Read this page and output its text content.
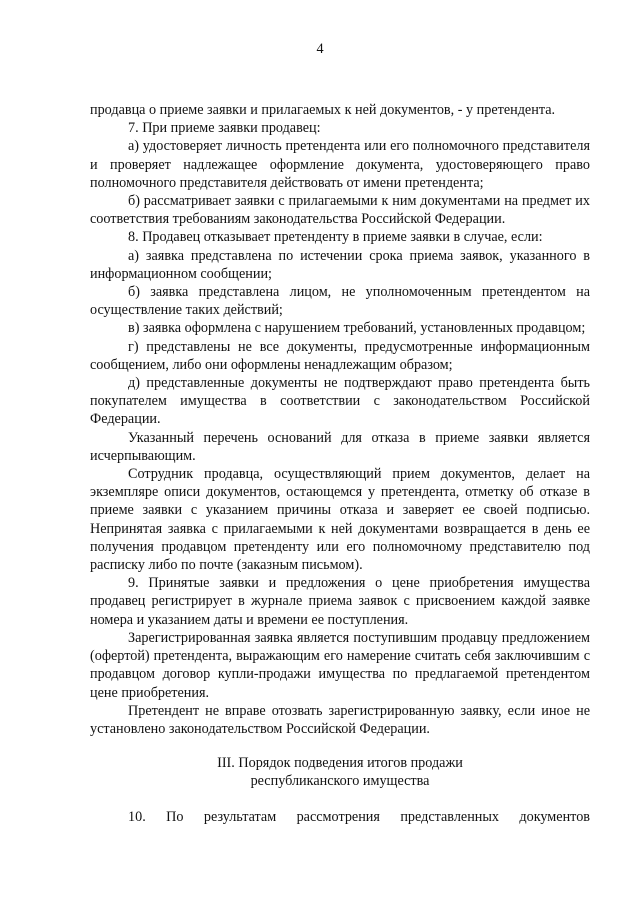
4

продавца о приеме заявки и прилагаемых к ней документов, - у претендента.

7. При приеме заявки продавец:

а) удостоверяет личность претендента или его полномочного представителя и проверяет надлежащее оформление документа, удостоверяющего право полномочного представителя действовать от имени претендента;

б) рассматривает заявки с прилагаемыми к ним документами на предмет их соответствия требованиям законодательства Российской Федерации.

8. Продавец отказывает претенденту в приеме заявки в случае, если:

а) заявка представлена по истечении срока приема заявок, указанного в информационном сообщении;

б) заявка представлена лицом, не уполномоченным претендентом на осуществление таких действий;

в) заявка оформлена с нарушением требований, установленных продавцом;

г) представлены не все документы, предусмотренные информационным сообщением, либо они оформлены ненадлежащим образом;

д) представленные документы не подтверждают право претендента быть покупателем имущества в соответствии с законодательством Российской Федерации.

Указанный перечень оснований для отказа в приеме заявки является исчерпывающим.

Сотрудник продавца, осуществляющий прием документов, делает на экземпляре описи документов, остающемся у претендента, отметку об отказе в приеме заявки с указанием причины отказа и заверяет ее своей подписью. Непринятая заявка с прилагаемыми к ней документами возвращается в день ее получения продавцом претенденту или его полномочному представителю под расписку либо по почте (заказным письмом).

9. Принятые заявки и предложения о цене приобретения имущества продавец регистрирует в журнале приема заявок с присвоением каждой заявке номера и указанием даты и времени ее поступления.

Зарегистрированная заявка является поступившим продавцу предложением (офертой) претендента, выражающим его намерение считать себя заключившим с продавцом договор купли-продажи имущества по предлагаемой претендентом цене приобретения.

Претендент не вправе отозвать зарегистрированную заявку, если иное не установлено законодательством Российской Федерации.

III. Порядок подведения итогов продажи
республиканского имущества

10. По результатам рассмотрения представленных документов
